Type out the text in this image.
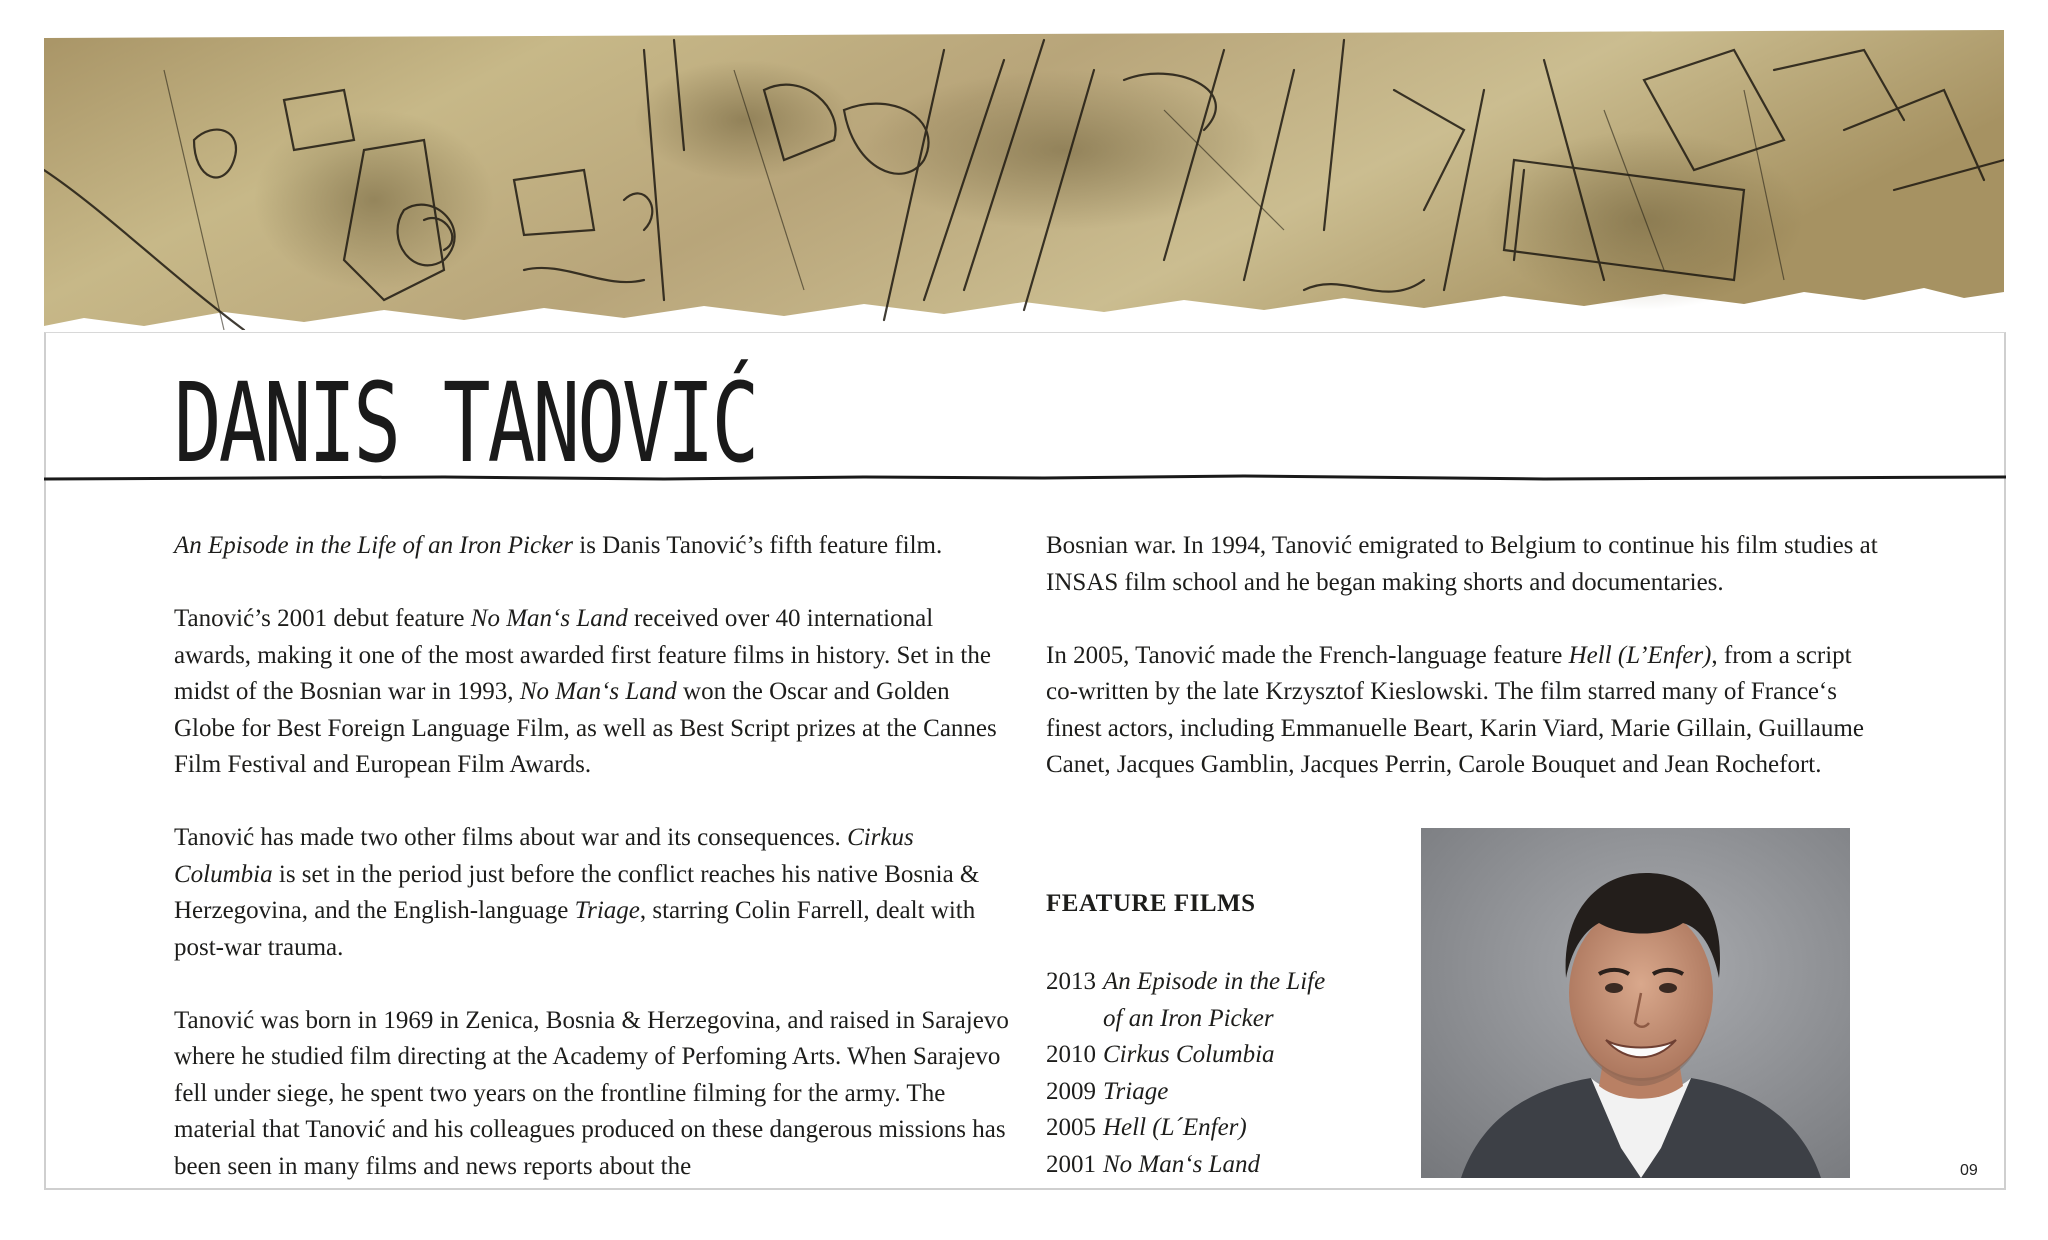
DANIS TANOVIĆ

An Episode in the Life of an Iron Picker is Danis Tanović’s fifth feature film.

Tanović’s 2001 debut feature No Man‘s Land received over 40 international awards, making it one of the most awarded first feature films in history. Set in the midst of the Bosnian war in 1993, No Man‘s Land won the Oscar and Golden Globe for Best Foreign Language Film, as well as Best Script prizes at the Cannes Film Festival and European Film Awards.

Tanović has made two other films about war and its consequences. Cirkus Columbia is set in the period just before the conflict reaches his native Bosnia & Herzegovina, and the English-language Triage, starring Colin Farrell, dealt with post-war trauma.

Tanović was born in 1969 in Zenica, Bosnia & Herzegovina, and raised in Sarajevo where he studied film directing at the Academy of Perfoming Arts. When Sarajevo fell under siege, he spent two years on the frontline filming for the army. The material that Tanović and his colleagues produced on these dangerous missions has been seen in many films and news reports about the

Bosnian war. In 1994, Tanović emigrated to Belgium to continue his film studies at INSAS film school and he began making shorts and documentaries.

In 2005, Tanović made the French-language feature Hell (L’Enfer), from a script co-written by the late Krzysztof Kieslowski. The film starred many of France‘s finest actors, including Emmanuelle Beart, Karin Viard, Marie Gillain, Guillaume Canet, Jacques Gamblin, Jacques Perrin, Carole Bouquet and Jean Rochefort.

FEATURE FILMS
2013 An Episode in the Life
of an Iron Picker
2010 Cirkus Columbia
2009 Triage
2005 Hell (L´Enfer)
2001 No Man‘s Land	09
